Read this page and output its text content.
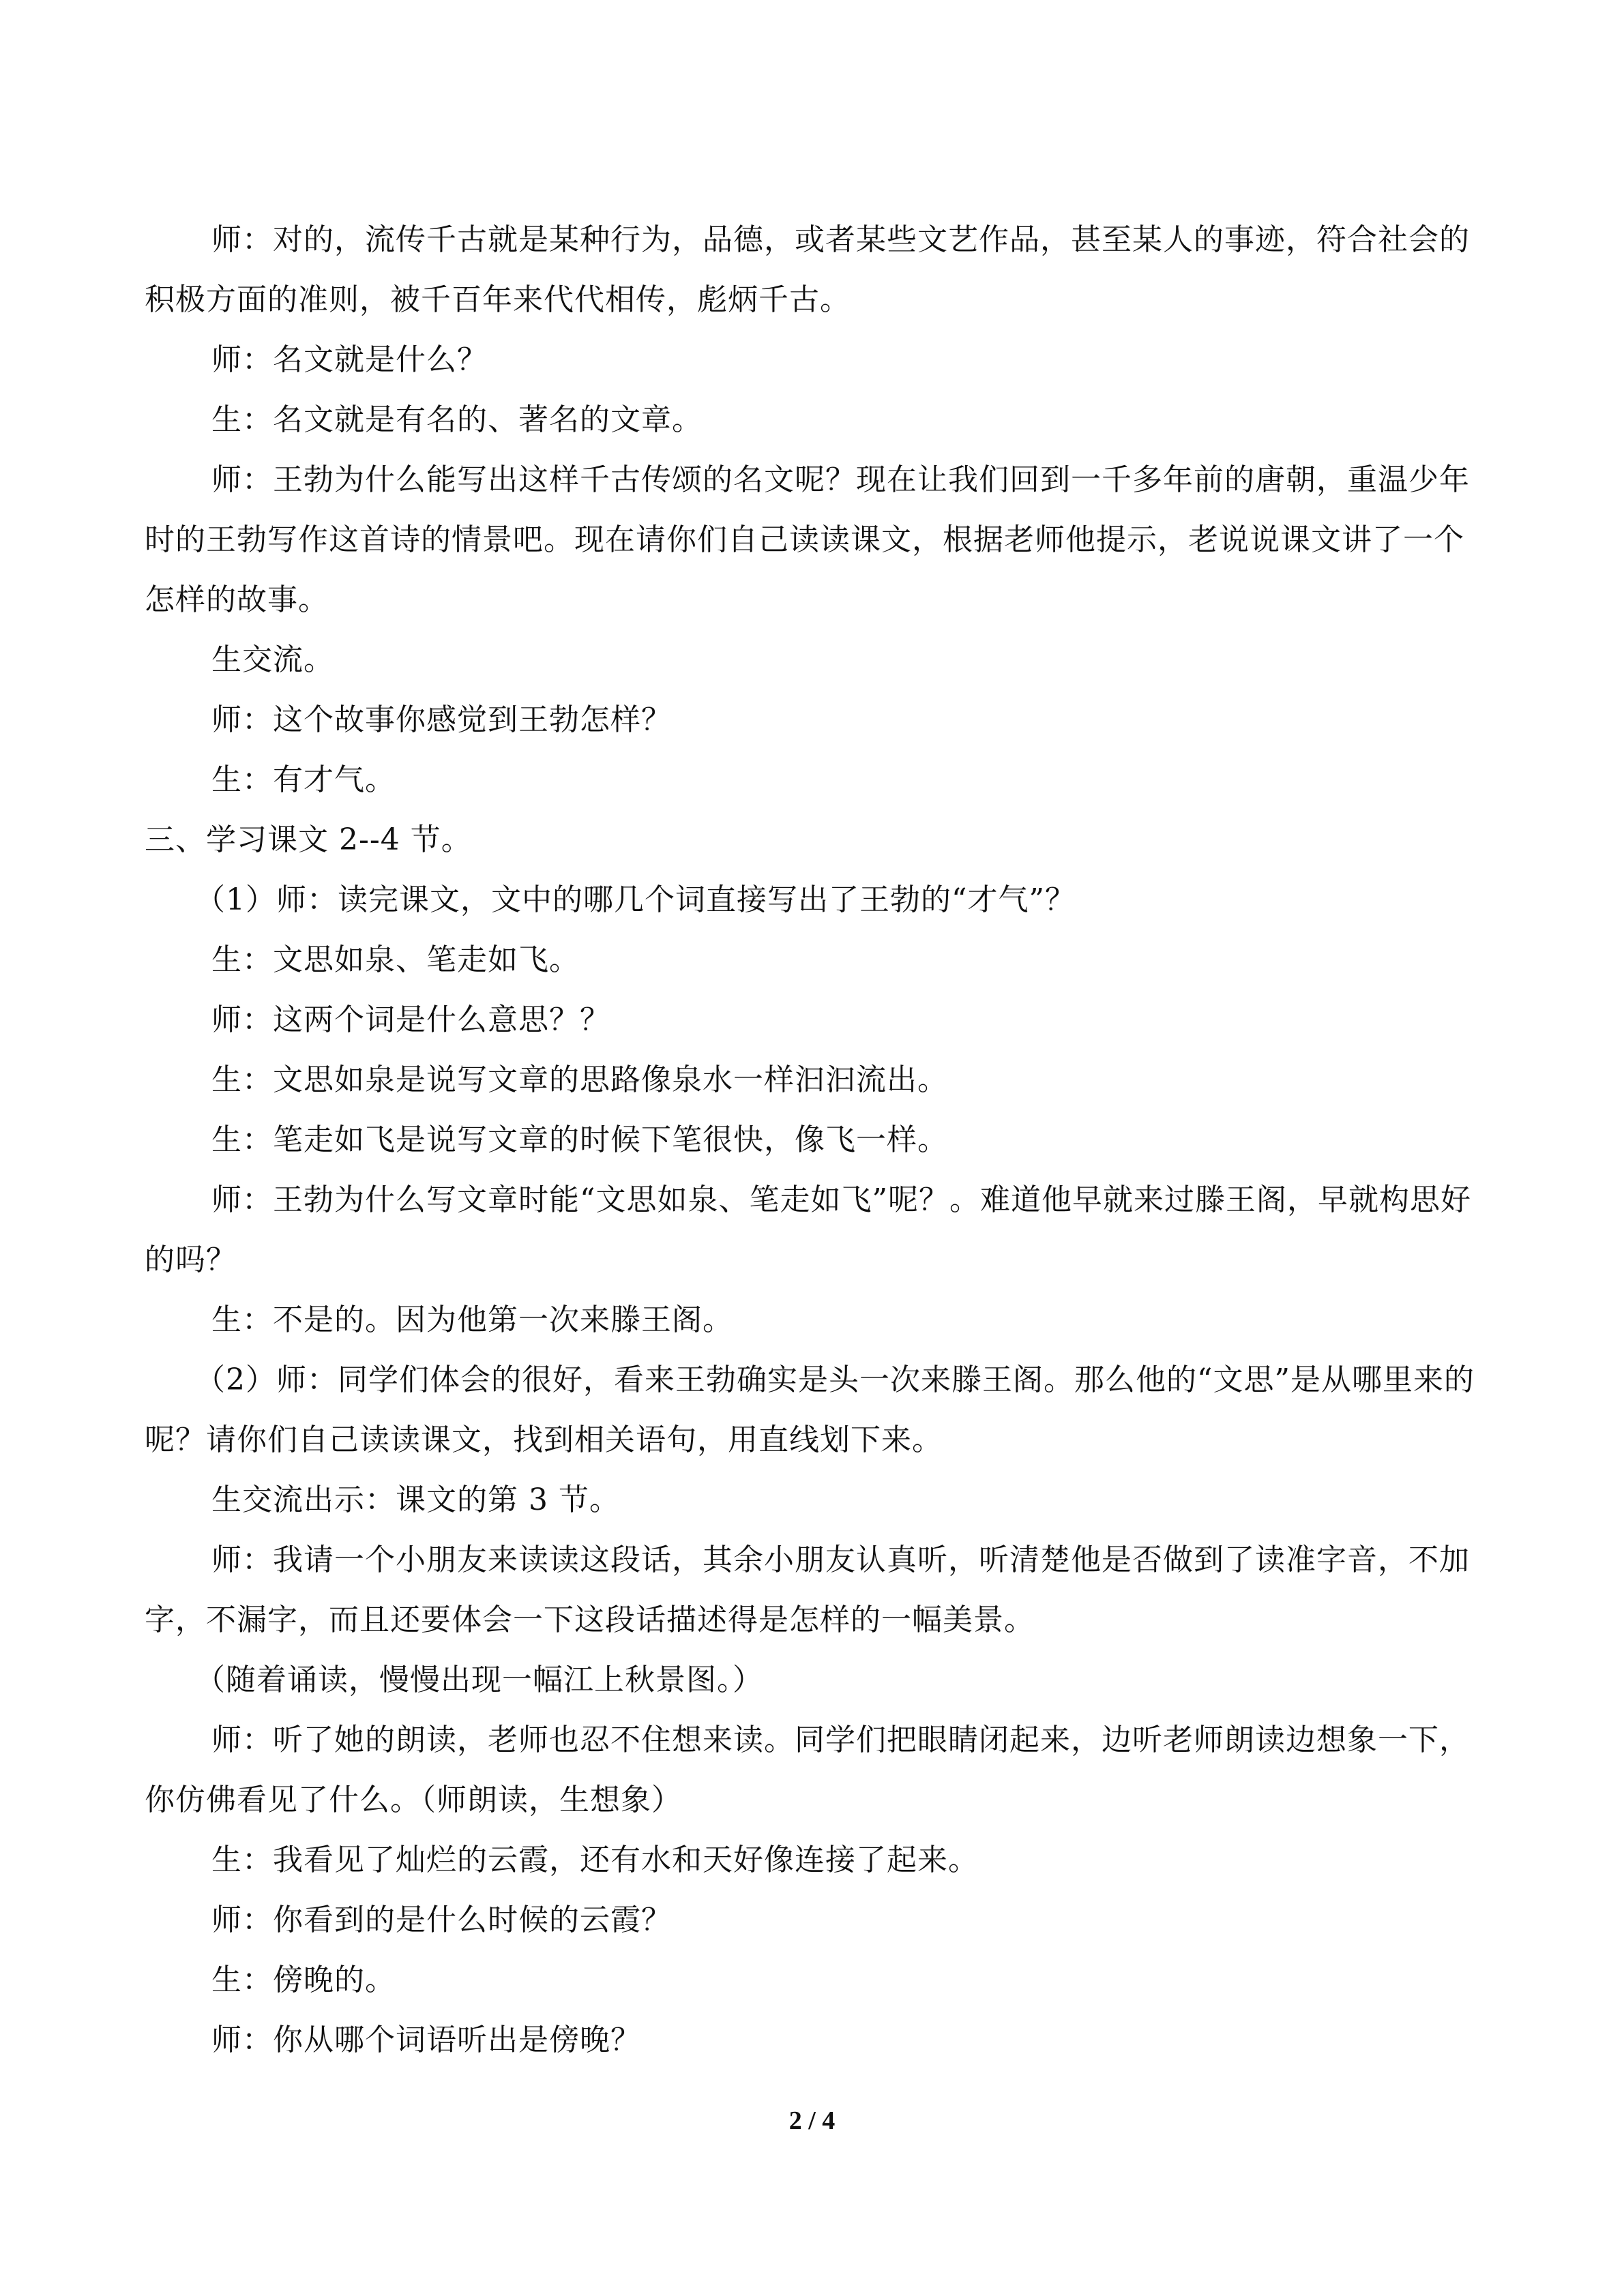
师：对的，流传千古就是某种行为，品德，或者某些文艺作品，甚至某人的事迹，符合社会的积极方面的准则，被千百年来代代相传，彪炳千古。

师：名文就是什么？

生：名文就是有名的、著名的文章。

师：王勃为什么能写出这样千古传颂的名文呢？现在让我们回到一千多年前的唐朝，重温少年时的王勃写作这首诗的情景吧。现在请你们自己读读课文，根据老师他提示，老说说课文讲了一个怎样的故事。

生交流。

师：这个故事你感觉到王勃怎样？

生：有才气。

三、学习课文 2--4 节。

（1）师：读完课文，文中的哪几个词直接写出了王勃的“才气”？

生：文思如泉、笔走如飞。

师：这两个词是什么意思？？

生：文思如泉是说写文章的思路像泉水一样汩汩流出。

生：笔走如飞是说写文章的时候下笔很快，像飞一样。

师：王勃为什么写文章时能“文思如泉、笔走如飞”呢？。难道他早就来过滕王阁，早就构思好的吗？

生：不是的。因为他第一次来滕王阁。

（2）师：同学们体会的很好，看来王勃确实是头一次来滕王阁。那么他的“文思”是从哪里来的呢？请你们自己读读课文，找到相关语句，用直线划下来。

生交流出示：课文的第 3 节。

师：我请一个小朋友来读读这段话，其余小朋友认真听，听清楚他是否做到了读准字音，不加字，不漏字，而且还要体会一下这段话描述得是怎样的一幅美景。

（随着诵读，慢慢出现一幅江上秋景图。）

师：听了她的朗读，老师也忍不住想来读。同学们把眼睛闭起来，边听老师朗读边想象一下，你仿佛看见了什么。（师朗读，生想象）

生：我看见了灿烂的云霞，还有水和天好像连接了起来。

师：你看到的是什么时候的云霞？

生：傍晚的。

师：你从哪个词语听出是傍晚？

2 / 4
